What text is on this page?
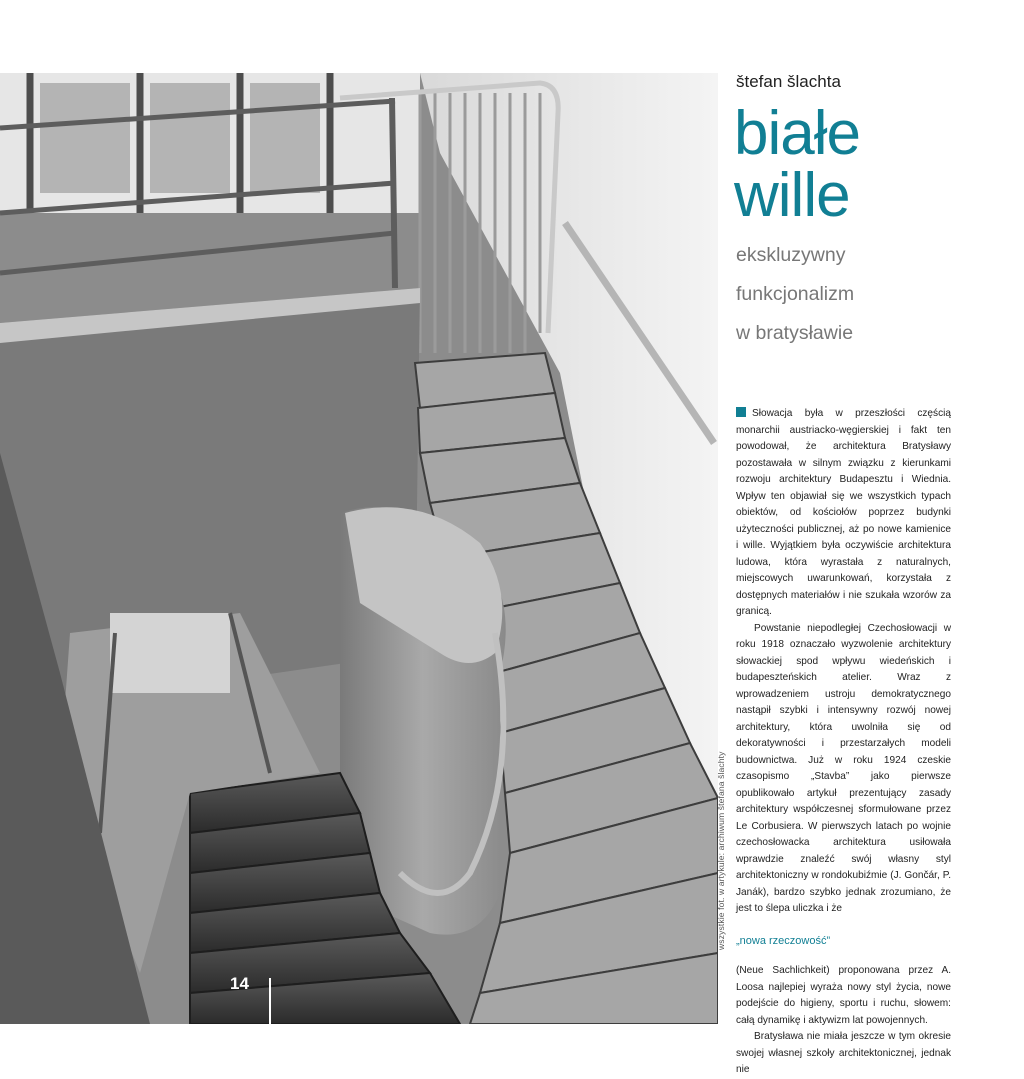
wszystkie fot. w artykule: archiwum štefana šlachty
14
štefan šlachta
białe
wille
ekskluzywny
funkcjonalizm
w bratysławie

Słowacja była w przeszłości częścią monarchii austriacko-węgierskiej i fakt ten powodował, że architektura Bratysławy pozostawała w silnym związku z kierunkami rozwoju architektury Budapesztu i Wiednia. Wpływ ten objawiał się we wszystkich typach obiektów, od kościołów poprzez budynki użyteczności publicznej, aż po nowe kamienice i wille. Wyjątkiem była oczywiście architektura ludowa, która wyrastała z naturalnych, miejscowych uwarunkowań, korzystała z dostępnych materiałów i nie szukała wzorów za granicą.

Powstanie niepodległej Czechosłowacji w roku 1918 oznaczało wyzwolenie architektury słowackiej spod wpływu wiedeńskich i budapeszteńskich atelier. Wraz z wprowadzeniem ustroju demokratycznego nastąpił szybki i intensywny rozwój nowej architektury, która uwolniła się od dekoratywności i przestarzałych modeli budownictwa. Już w roku 1924 czeskie czasopismo „Stavba” jako pierwsze opublikowało artykuł prezentujący zasady architektury współczesnej sformułowane przez Le Corbusiera. W pierwszych latach po wojnie czechosłowacka architektura usiłowała wprawdzie znaleźć swój własny styl architektoniczny w rondokubiźmie (J. Gončár, P. Janák), bardzo szybko jednak zrozumiano, że jest to ślepa uliczka i że

„nowa rzeczowość”

(Neue Sachlichkeit) proponowana przez A. Loosa najlepiej wyraża nowy styl życia, nowe podejście do higieny, sportu i ruchu, słowem: całą dynamikę i aktywizm lat powojennych.

Bratysława nie miała jeszcze w tym okresie swojej własnej szkoły architektonicznej, jednak nie
